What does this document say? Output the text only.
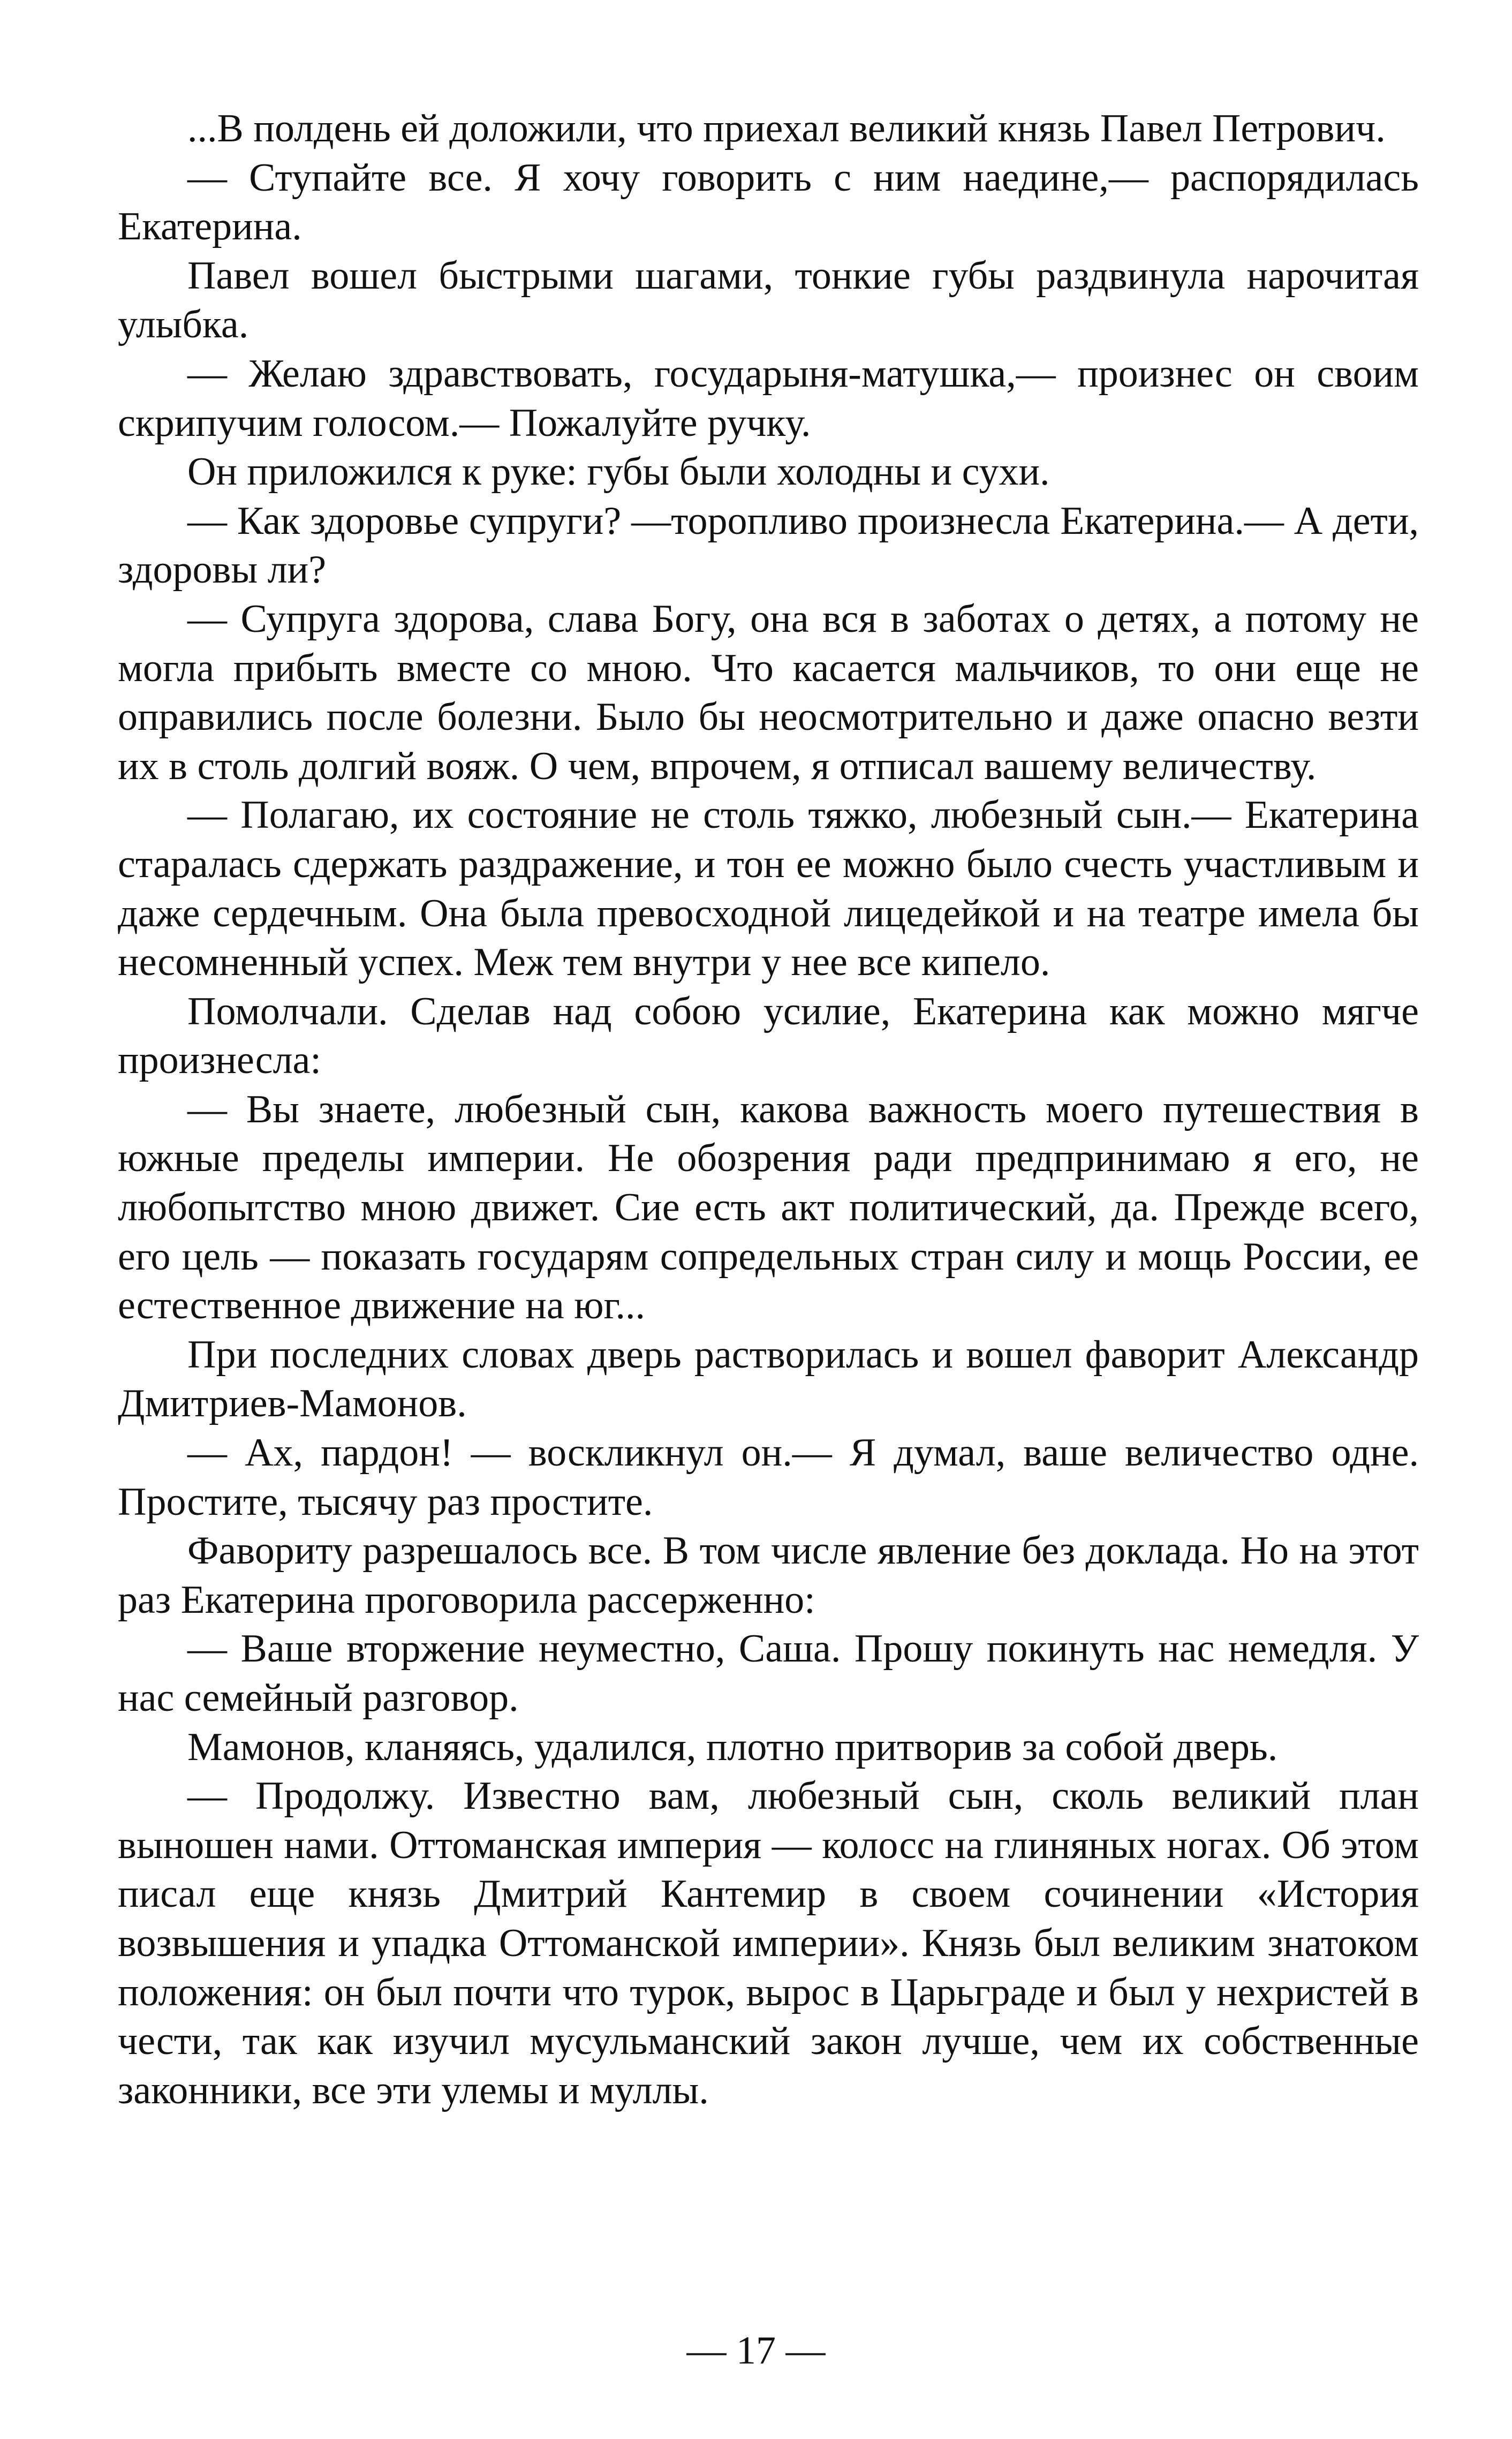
...В полдень ей доложили, что приехал великий князь Павел Петрович.

— Ступайте все. Я хочу говорить с ним наедине,— распорядилась Екатерина.

Павел вошел быстрыми шагами, тонкие губы раздвинула нарочитая улыбка.

— Желаю здравствовать, государыня-матушка,— произнес он своим скрипучим голосом.— Пожалуйте ручку.

Он приложился к руке: губы были холодны и сухи.

— Как здоровье супруги? —торопливо произнесла Екатерина.— А дети, здоровы ли?

— Супруга здорова, слава Богу, она вся в заботах о детях, а потому не могла прибыть вместе со мною. Что касается мальчиков, то они еще не оправились после болезни. Было бы неосмотрительно и даже опасно везти их в столь долгий вояж. О чем, впрочем, я отписал вашему величеству.

— Полагаю, их состояние не столь тяжко, любезный сын.— Екатерина старалась сдержать раздражение, и тон ее можно было счесть участливым и даже сердечным. Она была превосходной лицедейкой и на театре имела бы несомненный успех. Меж тем внутри у нее все кипело.

Помолчали. Сделав над собою усилие, Екатерина как можно мягче произнесла:

— Вы знаете, любезный сын, какова важность моего путешествия в южные пределы империи. Не обозрения ради предпринимаю я его, не любопытство мною движет. Сие есть акт политический, да. Прежде всего, его цель — показать государям сопредельных стран силу и мощь России, ее естественное движение на юг...

При последних словах дверь растворилась и вошел фаворит Александр Дмитриев-Мамонов.

— Ах, пардон! — воскликнул он.— Я думал, ваше величество одне. Простите, тысячу раз простите.

Фавориту разрешалось все. В том числе явление без доклада. Но на этот раз Екатерина проговорила рассерженно:

— Ваше вторжение неуместно, Саша. Прошу покинуть нас немедля. У нас семейный разговор.

Мамонов, кланяясь, удалился, плотно притворив за собой дверь.

— Продолжу. Известно вам, любезный сын, сколь великий план выношен нами. Оттоманская империя — колосс на глиняных ногах. Об этом писал еще князь Дмитрий Кантемир в своем сочинении «История возвышения и упадка Оттоманской империи». Князь был великим знатоком положения: он был почти что турок, вырос в Царьграде и был у нехристей в чести, так как изучил мусульманский закон лучше, чем их собственные законники, все эти улемы и муллы.

— 17 —
